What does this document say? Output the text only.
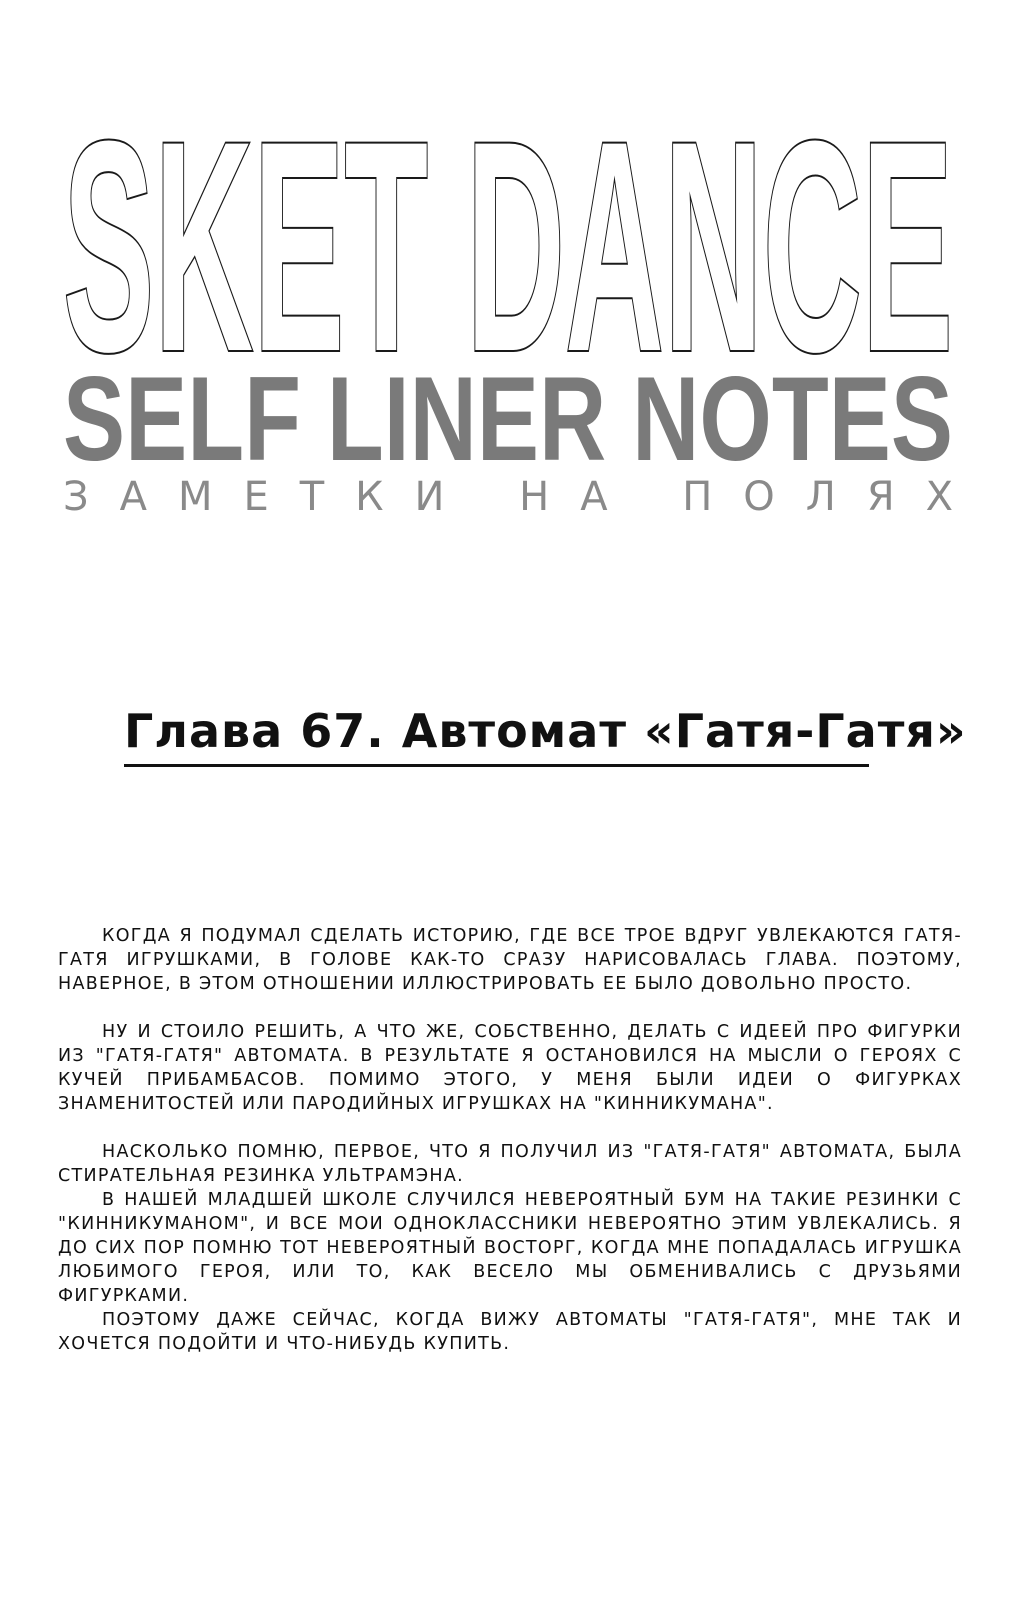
SKET DANCE
SELF LINER NOTES
ЗАМЕТКИ НА ПОЛЯХ
Глава 67. Автомат «Гатя-Гатя»

КОГДА Я ПОДУМАЛ СДЕЛАТЬ ИСТОРИЮ, ГДЕ ВСЕ ТРОЕ ВДРУГ УВЛЕКАЮТСЯ ГАТЯ-ГАТЯ ИГРУШКАМИ, В ГОЛОВЕ КАК-ТО СРАЗУ НАРИСОВАЛАСЬ ГЛАВА. ПОЭТОМУ, НАВЕРНОЕ, В ЭТОМ ОТНОШЕНИИ ИЛЛЮСТРИРОВАТЬ ЕЕ БЫЛО ДОВОЛЬНО ПРОСТО.

НУ И СТОИЛО РЕШИТЬ, А ЧТО ЖЕ, СОБСТВЕННО, ДЕЛАТЬ С ИДЕЕЙ ПРО ФИГУРКИ ИЗ "ГАТЯ-ГАТЯ" АВТОМАТА. В РЕЗУЛЬТАТЕ Я ОСТАНОВИЛСЯ НА МЫСЛИ О ГЕРОЯХ С КУЧЕЙ ПРИБАМБАСОВ. ПОМИМО ЭТОГО, У МЕНЯ БЫЛИ ИДЕИ О ФИГУРКАХ ЗНАМЕНИТОСТЕЙ ИЛИ ПАРОДИЙНЫХ ИГРУШКАХ НА "КИННИКУМАНА".

НАСКОЛЬКО ПОМНЮ, ПЕРВОЕ, ЧТО Я ПОЛУЧИЛ ИЗ "ГАТЯ-ГАТЯ" АВТОМАТА, БЫЛА СТИРАТЕЛЬНАЯ РЕЗИНКА УЛЬТРАМЭНА.

В НАШЕЙ МЛАДШЕЙ ШКОЛЕ СЛУЧИЛСЯ НЕВЕРОЯТНЫЙ БУМ НА ТАКИЕ РЕЗИНКИ С "КИННИКУМАНОМ", И ВСЕ МОИ ОДНОКЛАССНИКИ НЕВЕРОЯТНО ЭТИМ УВЛЕКАЛИСЬ. Я ДО СИХ ПОР ПОМНЮ ТОТ НЕВЕРОЯТНЫЙ ВОСТОРГ, КОГДА МНЕ ПОПАДАЛАСЬ ИГРУШКА ЛЮБИМОГО ГЕРОЯ, ИЛИ ТО, КАК ВЕСЕЛО МЫ ОБМЕНИВАЛИСЬ С ДРУЗЬЯМИ ФИГУРКАМИ.

ПОЭТОМУ ДАЖЕ СЕЙЧАС, КОГДА ВИЖУ АВТОМАТЫ "ГАТЯ-ГАТЯ", МНЕ ТАК И ХОЧЕТСЯ ПОДОЙТИ И ЧТО-НИБУДЬ КУПИТЬ.
